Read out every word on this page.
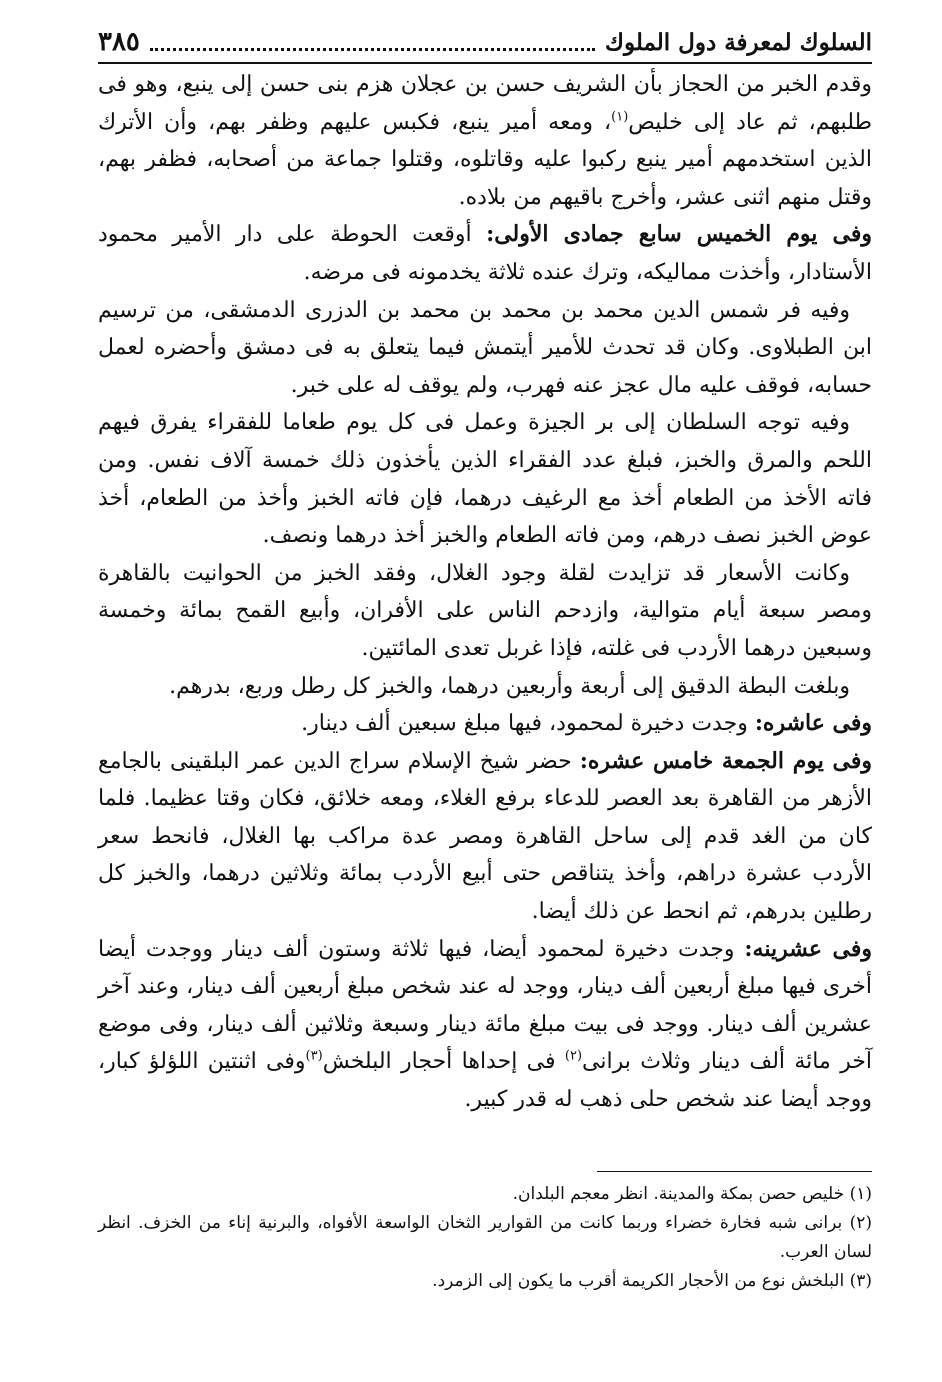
السلوك لمعرفة دول الملوك
٣٨٥

وقدم الخبر من الحجاز بأن الشريف حسن بن عجلان هزم بنى حسن إلى ينبع، وهو فى طلبهم، ثم عاد إلى خليص$^{(١)}$، ومعه أمير ينبع، فكبس عليهم وظفر بهم، وأن الأترك الذين استخدمهم أمير ينبع ركبوا عليه وقاتلوه، وقتلوا جماعة من أصحابه، فظفر بهم، وقتل منهم اثنى عشر، وأخرج باقيهم من بلاده.

وفى يوم الخميس سابع جمادى الأولى: أوقعت الحوطة على دار الأمير محمود الأستادار، وأخذت مماليكه، وترك عنده ثلاثة يخدمونه فى مرضه.

وفيه فر شمس الدين محمد بن محمد بن محمد بن الدزرى الدمشقى، من ترسيم ابن الطبلاوى. وكان قد تحدث للأمير أيتمش فيما يتعلق به فى دمشق وأحضره لعمل حسابه، فوقف عليه مال عجز عنه فهرب، ولم يوقف له على خبر.

وفيه توجه السلطان إلى بر الجيزة وعمل فى كل يوم طعاما للفقراء يفرق فيهم اللحم والمرق والخبز، فبلغ عدد الفقراء الذين يأخذون ذلك خمسة آلاف نفس. ومن فاته الأخذ من الطعام أخذ مع الرغيف درهما، فإن فاته الخبز وأخذ من الطعام، أخذ عوض الخبز نصف درهم، ومن فاته الطعام والخبز أخذ درهما ونصف.

وكانت الأسعار قد تزايدت لقلة وجود الغلال، وفقد الخبز من الحوانيت بالقاهرة ومصر سبعة أيام متوالية، وازدحم الناس على الأفران، وأبيع القمح بمائة وخمسة وسبعين درهما الأردب فى غلته، فإذا غربل تعدى المائتين.

وبلغت البطة الدقيق إلى أربعة وأربعين درهما، والخبز كل رطل وربع، بدرهم.

وفى عاشره: وجدت دخيرة لمحمود، فيها مبلغ سبعين ألف دينار.

وفى يوم الجمعة خامس عشره: حضر شيخ الإسلام سراج الدين عمر البلقينى بالجامع الأزهر من القاهرة بعد العصر للدعاء برفع الغلاء، ومعه خلائق، فكان وقتا عظيما. فلما كان من الغد قدم إلى ساحل القاهرة ومصر عدة مراكب بها الغلال، فانحط سعر الأردب عشرة دراهم، وأخذ يتناقص حتى أبيع الأردب بمائة وثلاثين درهما، والخبز كل رطلين بدرهم، ثم انحط عن ذلك أيضا.

وفى عشرينه: وجدت دخيرة لمحمود أيضا، فيها ثلاثة وستون ألف دينار ووجدت أيضا أخرى فيها مبلغ أربعين ألف دينار، ووجد له عند شخص مبلغ أربعين ألف دينار، وعند آخر عشرين ألف دينار. ووجد فى بيت مبلغ مائة دينار وسبعة وثلاثين ألف دينار، وفى موضع آخر مائة ألف دينار وثلاث برانى$^{(٢)}$ فى إحداها أحجار البلخش$^{(٣)}$وفى اثنتين اللؤلؤ كبار، ووجد أيضا عند شخص حلى ذهب له قدر كبير.

(١) خليص حصن بمكة والمدينة. انظر معجم البلدان.

(٢) برانى شبه فخارة خضراء وربما كانت من القوارير الثخان الواسعة الأفواه، والبرنية إناء من الخزف. انظر لسان العرب.

(٣) البلخش نوع من الأحجار الكريمة أقرب ما يكون إلى الزمرد.
